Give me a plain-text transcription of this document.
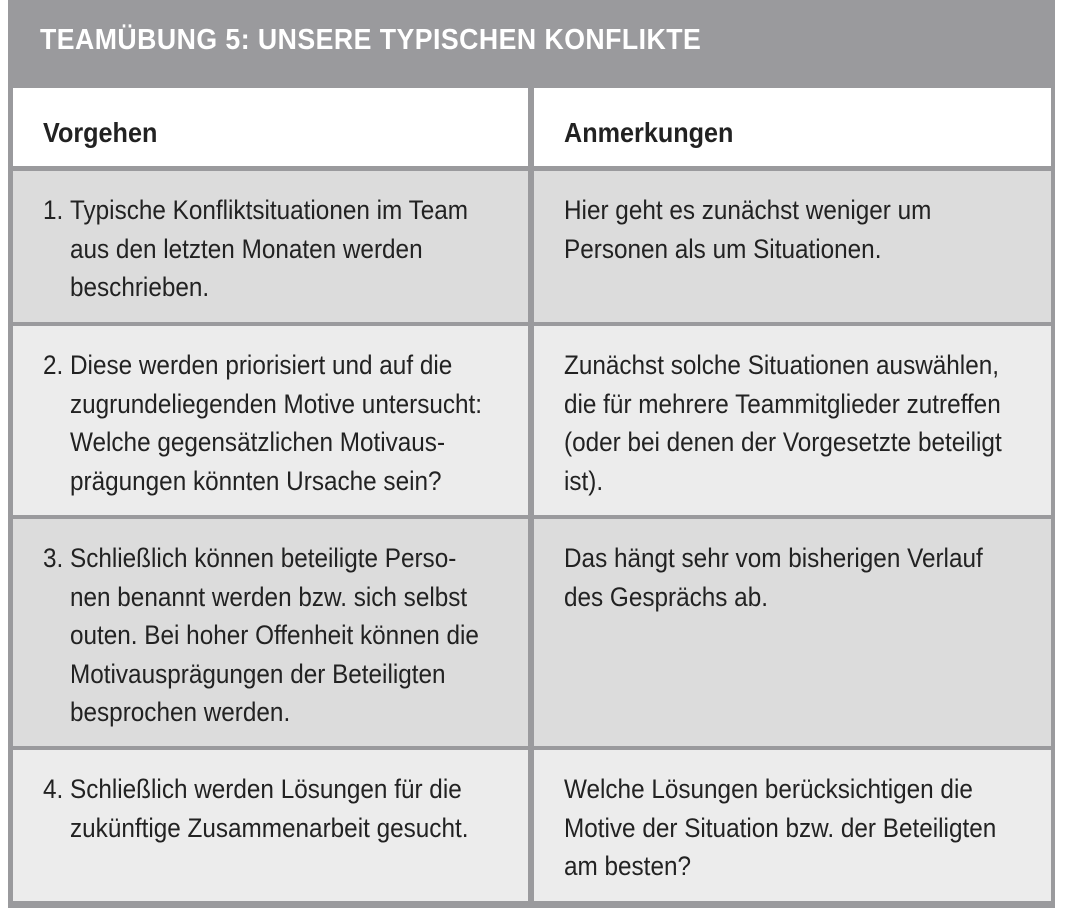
TEAMÜBUNG 5: UNSERE TYPISCHEN KONFLIKTE
Vorgehen	Anmerkungen
1. Typische Konfliktsituationen im Team
aus den letzten Monaten werden
beschrieben.
Hier geht es zunächst weniger um
Personen als um Situationen.
2. Diese werden priorisiert und auf die
zugrundeliegenden Motive untersucht:
Welche gegensätzlichen Motivaus-
prägungen könnten Ursache sein?
Zunächst solche Situationen auswählen,
die für mehrere Teammitglieder zutreffen
(oder bei denen der Vorgesetzte beteiligt
ist).
3. Schließlich können beteiligte Perso-
nen benannt werden bzw. sich selbst
outen. Bei hoher Offenheit können die
Motivausprägungen der Beteiligten
besprochen werden.
Das hängt sehr vom bisherigen Verlauf
des Gesprächs ab.
4. Schließlich werden Lösungen für die
zukünftige Zusammenarbeit gesucht.
Welche Lösungen berücksichtigen die
Motive der Situation bzw. der Beteiligten
am besten?
